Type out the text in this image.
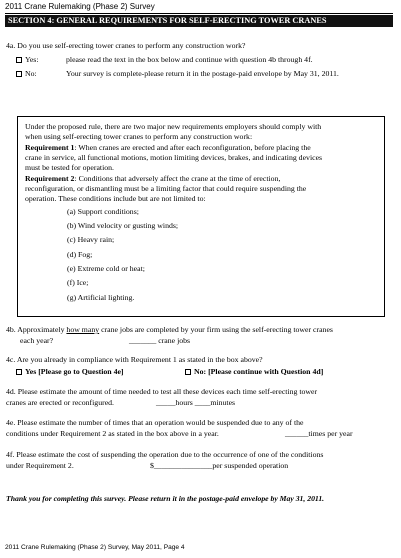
2011 Crane Rulemaking (Phase 2) Survey
SECTION 4: GENERAL REQUIREMENTS FOR SELF-ERECTING TOWER CRANES
4a. Do you use self-erecting tower cranes to perform any construction work?
Yes:	please read the text in the box below and continue with question 4b through 4f.
No:	Your survey is complete-please return it in the postage-paid envelope by May 31, 2011.
Under the proposed rule, there are two major new requirements employers should comply with
when using self-erecting tower cranes to perform any construction work:
Requirement 1: When cranes are erected and after each reconfiguration, before placing the
crane in service, all functional motions, motion limiting devices, brakes, and indicating devices
must be tested for operation.
Requirement 2: Conditions that adversely affect the crane at the time of erection,
reconfiguration, or dismantling must be a limiting factor that could require suspending the
operation. These conditions include but are not limited to:
(a) Support conditions;
(b) Wind velocity or gusting winds;
(c) Heavy rain;
(d) Fog;
(e) Extreme cold or heat;
(f) Ice;
(g) Artificial lighting.
4b. Approximately how many crane jobs are completed by your firm using the self-erecting tower cranes
each year?	_______ crane jobs
4c. Are you already in compliance with Requirement 1 as stated in the box above?
Yes [Please go to Question 4e]	No: [Please continue with Question 4d]
4d. Please estimate the amount of time needed to test all these devices each time self-erecting tower
cranes are erected or reconfigured.	_____hours ____minutes
4e. Please estimate the number of times that an operation would be suspended due to any of the
conditions under Requirement 2 as stated in the box above in a year.	______times per year
4f. Please estimate the cost of suspending the operation due to the occurrence of one of the conditions
under Requirement 2.	$_______________per suspended operation
Thank you for completing this survey. Please return it in the postage-paid envelope by May 31, 2011.
2011 Crane Rulemaking (Phase 2) Survey, May 2011, Page 4
